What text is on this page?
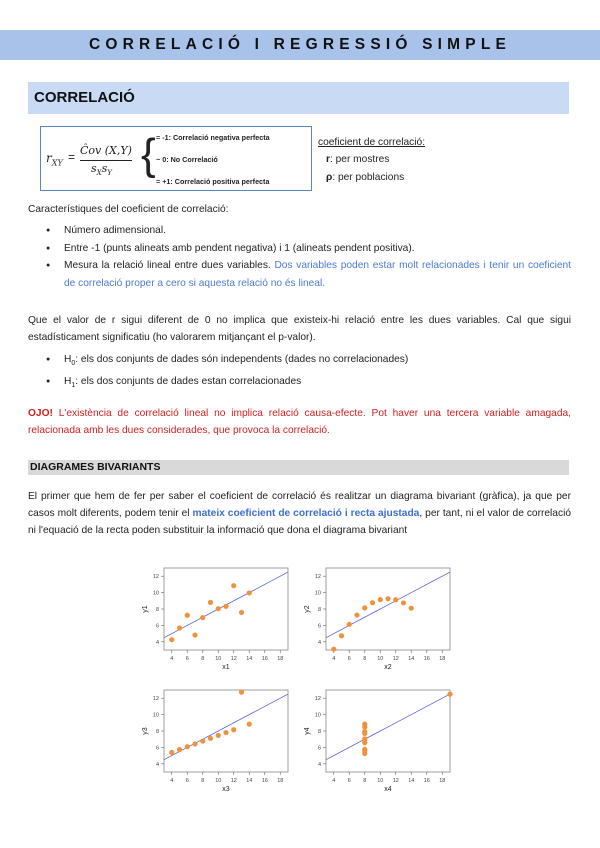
CORRELACIÓ I REGRESSIÓ SIMPLE
CORRELACIÓ
$r_{XY}$ = Ĉov (X,Y)
$s_Xs_Y$ { = -1: Correlació negativa perfecta
~ 0: No Correlació
= +1: Correlació positiva perfecta
coeficient de correlació:
r: per mostres
ρ: per poblacions
Característiques del coeficient de correlació:
● Número adimensional.
● Entre -1 (punts alineats amb pendent negativa) i 1 (alineats pendent positiva).
● Mesura la relació lineal entre dues variables. Dos variables poden estar molt relacionades i tenir un coeficient de correlació proper a cero si aquesta relació no és lineal.
Que el valor de r sigui diferent de 0 no implica que existeix-hi relació entre les dues variables. Cal que sigui estadísticament significatiu (ho valorarem mitjançant el p-valor).
● $H_0$: els dos conjunts de dades són independents (dades no correlacionades)
● $H_1$: els dos conjunts de dades estan correlacionades
OJO! L'existència de correlació lineal no implica relació causa-efecte. Pot haver una tercera variable amagada, relacionada amb les dues considerades, que provoca la correlació.
DIAGRAMES BIVARIANTS
El primer que hem de fer per saber el coeficient de correlació és realitzar un diagrama bivariant (gràfica), ja que per casos molt diferents, podem tenir el mateix coeficient de correlació i recta ajustada, per tant, ni el valor de correlació ni l'equació de la recta poden substituir la informació que dona el diagrama bivariant
4 6 8 10 12 14 16 18
4
6
8
10
12
x1
y1
4 6 8 10 12 14 16 18
4
6
8
10
12
x2
y2
4 6 8 10 12 14 16 18
4
6
8
10
12
x3
y3
4 6 8 10 12 14 16 18
4
6
8
10
12
x4
y4
